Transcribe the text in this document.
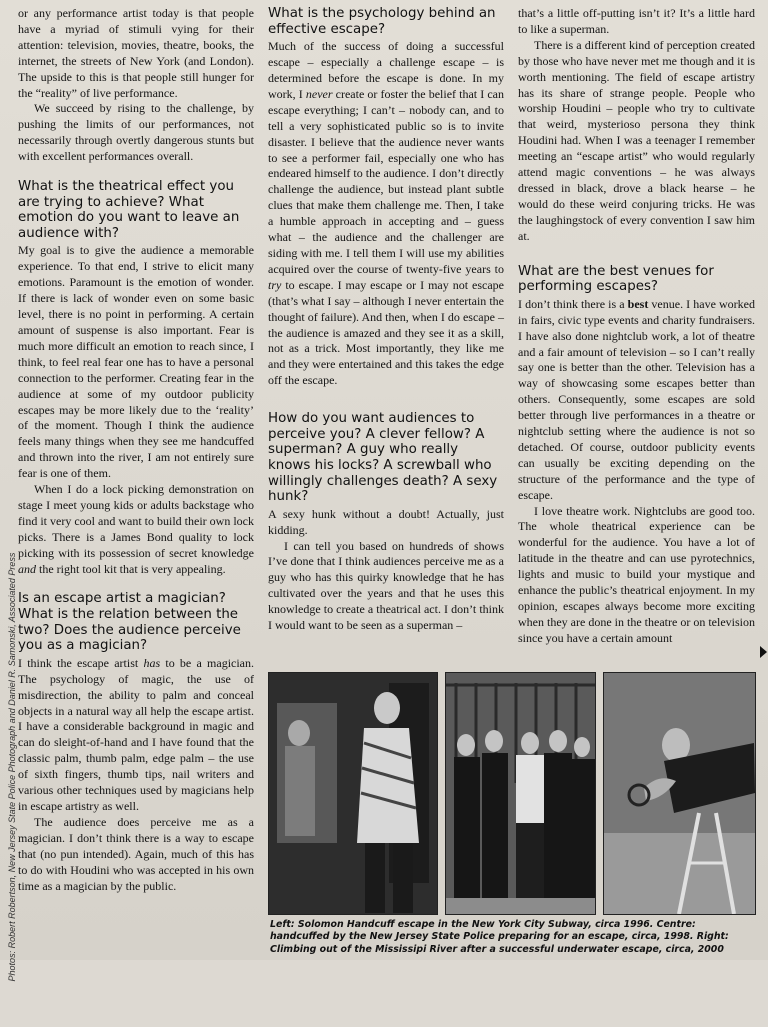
Photos: Robert Robertson, New Jersey State Police Photograph and Daniel R. Samonski, Associated Press

or any performance artist today is that people have a myriad of stimuli vying for their attention: television, movies, theatre, books, the internet, the streets of New York (and London). The upside to this is that people still hunger for the “reality” of live performance.

We succeed by rising to the challenge, by pushing the limits of our performances, not necessarily through overtly dangerous stunts but with excellent performances overall.

What is the theatrical effect you are trying to achieve? What emotion do you want to leave an audience with?

My goal is to give the audience a memorable experience. To that end, I strive to elicit many emotions. Paramount is the emotion of wonder. If there is lack of wonder even on some basic level, there is no point in performing. A certain amount of suspense is also important. Fear is much more difficult an emotion to reach since, I think, to feel real fear one has to have a personal connection to the performer. Creating fear in the audience at some of my outdoor publicity escapes may be more likely due to the ‘reality’ of the moment. Though I think the audience feels many things when they see me handcuffed and thrown into the river, I am not entirely sure fear is one of them.

When I do a lock picking demonstration on stage I meet young kids or adults backstage who find it very cool and want to build their own lock picks. There is a James Bond quality to lock picking with its possession of secret knowledge and the right tool kit that is very appealing.

Is an escape artist a magician? What is the relation between the two? Does the audience perceive you as a magician?

I think the escape artist has to be a magician. The psychology of magic, the use of misdirection, the ability to palm and conceal objects in a natural way all help the escape artist. I have a considerable background in magic and can do sleight-of-hand and I have found that the classic palm, thumb palm, edge palm – the use of sixth fingers, thumb tips, nail writers and various other techniques used by magicians help in escape artistry as well.

The audience does perceive me as a magician. I don’t think there is a way to escape that (no pun intended). Again, much of this has to do with Houdini who was accepted in his own time as a magician by the public.

What is the psychology behind an effective escape?

Much of the success of doing a successful escape – especially a challenge escape – is determined before the escape is done. In my work, I never create or foster the belief that I can escape everything; I can’t – nobody can, and to tell a very sophisticated public so is to invite disaster. I believe that the audience never wants to see a performer fail, especially one who has endeared himself to the audience. I don’t directly challenge the audience, but instead plant subtle clues that make them challenge me. Then, I take a humble approach in accepting and – guess what – the audience and the challenger are siding with me. I tell them I will use my abilities acquired over the course of twenty-five years to try to escape. I may escape or I may not escape (that’s what I say – although I never entertain the thought of failure). And then, when I do escape – the audience is amazed and they see it as a skill, not as a trick. Most importantly, they like me and they were entertained and this takes the edge off the escape.

How do you want audiences to perceive you? A clever fellow? A superman? A guy who really knows his locks? A screwball who willingly challenges death? A sexy hunk?

A sexy hunk without a doubt! Actually, just kidding.

I can tell you based on hundreds of shows I’ve done that I think audiences perceive me as a guy who has this quirky knowledge that he has cultivated over the years and that he uses this knowledge to create a theatrical act. I don’t think I would want to be seen as a superman –

that’s a little off-putting isn’t it? It’s a little hard to like a superman.

There is a different kind of perception created by those who have never met me though and it is worth mentioning. The field of escape artistry has its share of strange people. People who worship Houdini – people who try to cultivate that weird, mysterioso persona they think Houdini had. When I was a teenager I remember meeting an “escape artist” who would regularly attend magic conventions – he was always dressed in black, drove a black hearse – he would do these weird conjuring tricks. He was the laughingstock of every convention I saw him at.

What are the best venues for performing escapes?

I don’t think there is a best venue. I have worked in fairs, civic type events and charity fundraisers. I have also done nightclub work, a lot of theatre and a fair amount of television – so I can’t really say one is better than the other. Television has a way of showcasing some escapes better than others. Consequently, some escapes are sold better through live performances in a theatre or nightclub setting where the audience is not so detached. Of course, outdoor publicity events can usually be exciting depending on the structure of the performance and the type of escape.

I love theatre work. Nightclubs are good too. The whole theatrical experience can be wonderful for the audience. You have a lot of latitude in the theatre and can use pyrotechnics, lights and music to build your mystique and enhance the public’s theatrical enjoyment. In my opinion, escapes always become more exciting when they are done in the theatre or on television since you have a certain amount

Left: Solomon Handcuff escape in the New York City Subway, circa 1996. Centre: handcuffed by the New Jersey State Police preparing for an escape, circa, 1998. Right: Climbing out of the Mississipi River after a successful underwater escape, circa, 2000
